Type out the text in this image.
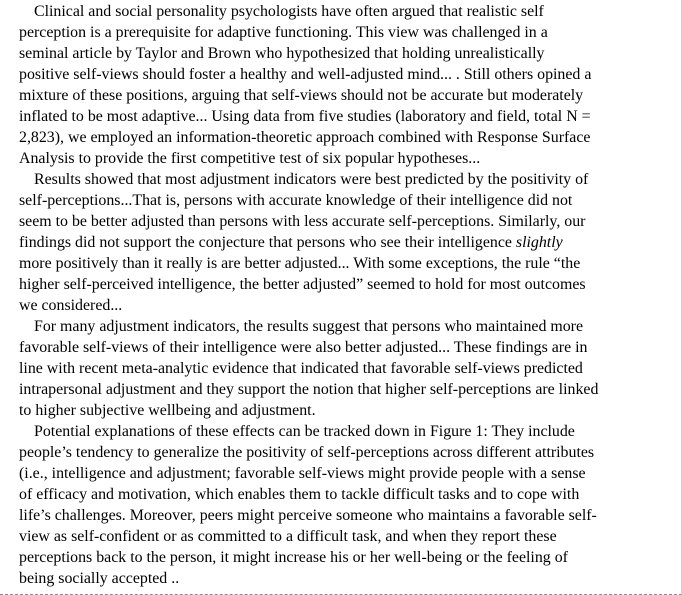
Clinical and social personality psychologists have often argued that realistic self
perception is a prerequisite for adaptive functioning. This view was challenged in a
seminal article by Taylor and Brown who hypothesized that holding unrealistically
positive self-views should foster a healthy and well-adjusted mind... . Still others opined a
mixture of these positions, arguing that self-views should not be accurate but moderately
inflated to be most adaptive... Using data from five studies (laboratory and field, total N =
2,823), we employed an information-theoretic approach combined with Response Surface
Analysis to provide the first competitive test of six popular hypotheses...
Results showed that most adjustment indicators were best predicted by the positivity of
self-perceptions...That is, persons with accurate knowledge of their intelligence did not
seem to be better adjusted than persons with less accurate self-perceptions. Similarly, our
findings did not support the conjecture that persons who see their intelligence slightly
more positively than it really is are better adjusted... With some exceptions, the rule “the
higher self-perceived intelligence, the better adjusted” seemed to hold for most outcomes
we considered...
For many adjustment indicators, the results suggest that persons who maintained more
favorable self-views of their intelligence were also better adjusted... These findings are in
line with recent meta-analytic evidence that indicated that favorable self-views predicted
intrapersonal adjustment and they support the notion that higher self-perceptions are linked
to higher subjective wellbeing and adjustment.
Potential explanations of these effects can be tracked down in Figure 1: They include
people’s tendency to generalize the positivity of self-perceptions across different attributes
(i.e., intelligence and adjustment; favorable self-views might provide people with a sense
of efficacy and motivation, which enables them to tackle difficult tasks and to cope with
life’s challenges. Moreover, peers might perceive someone who maintains a favorable self-
view as self-confident or as committed to a difficult task, and when they report these
perceptions back to the person, it might increase his or her well-being or the feeling of
being socially accepted ..
